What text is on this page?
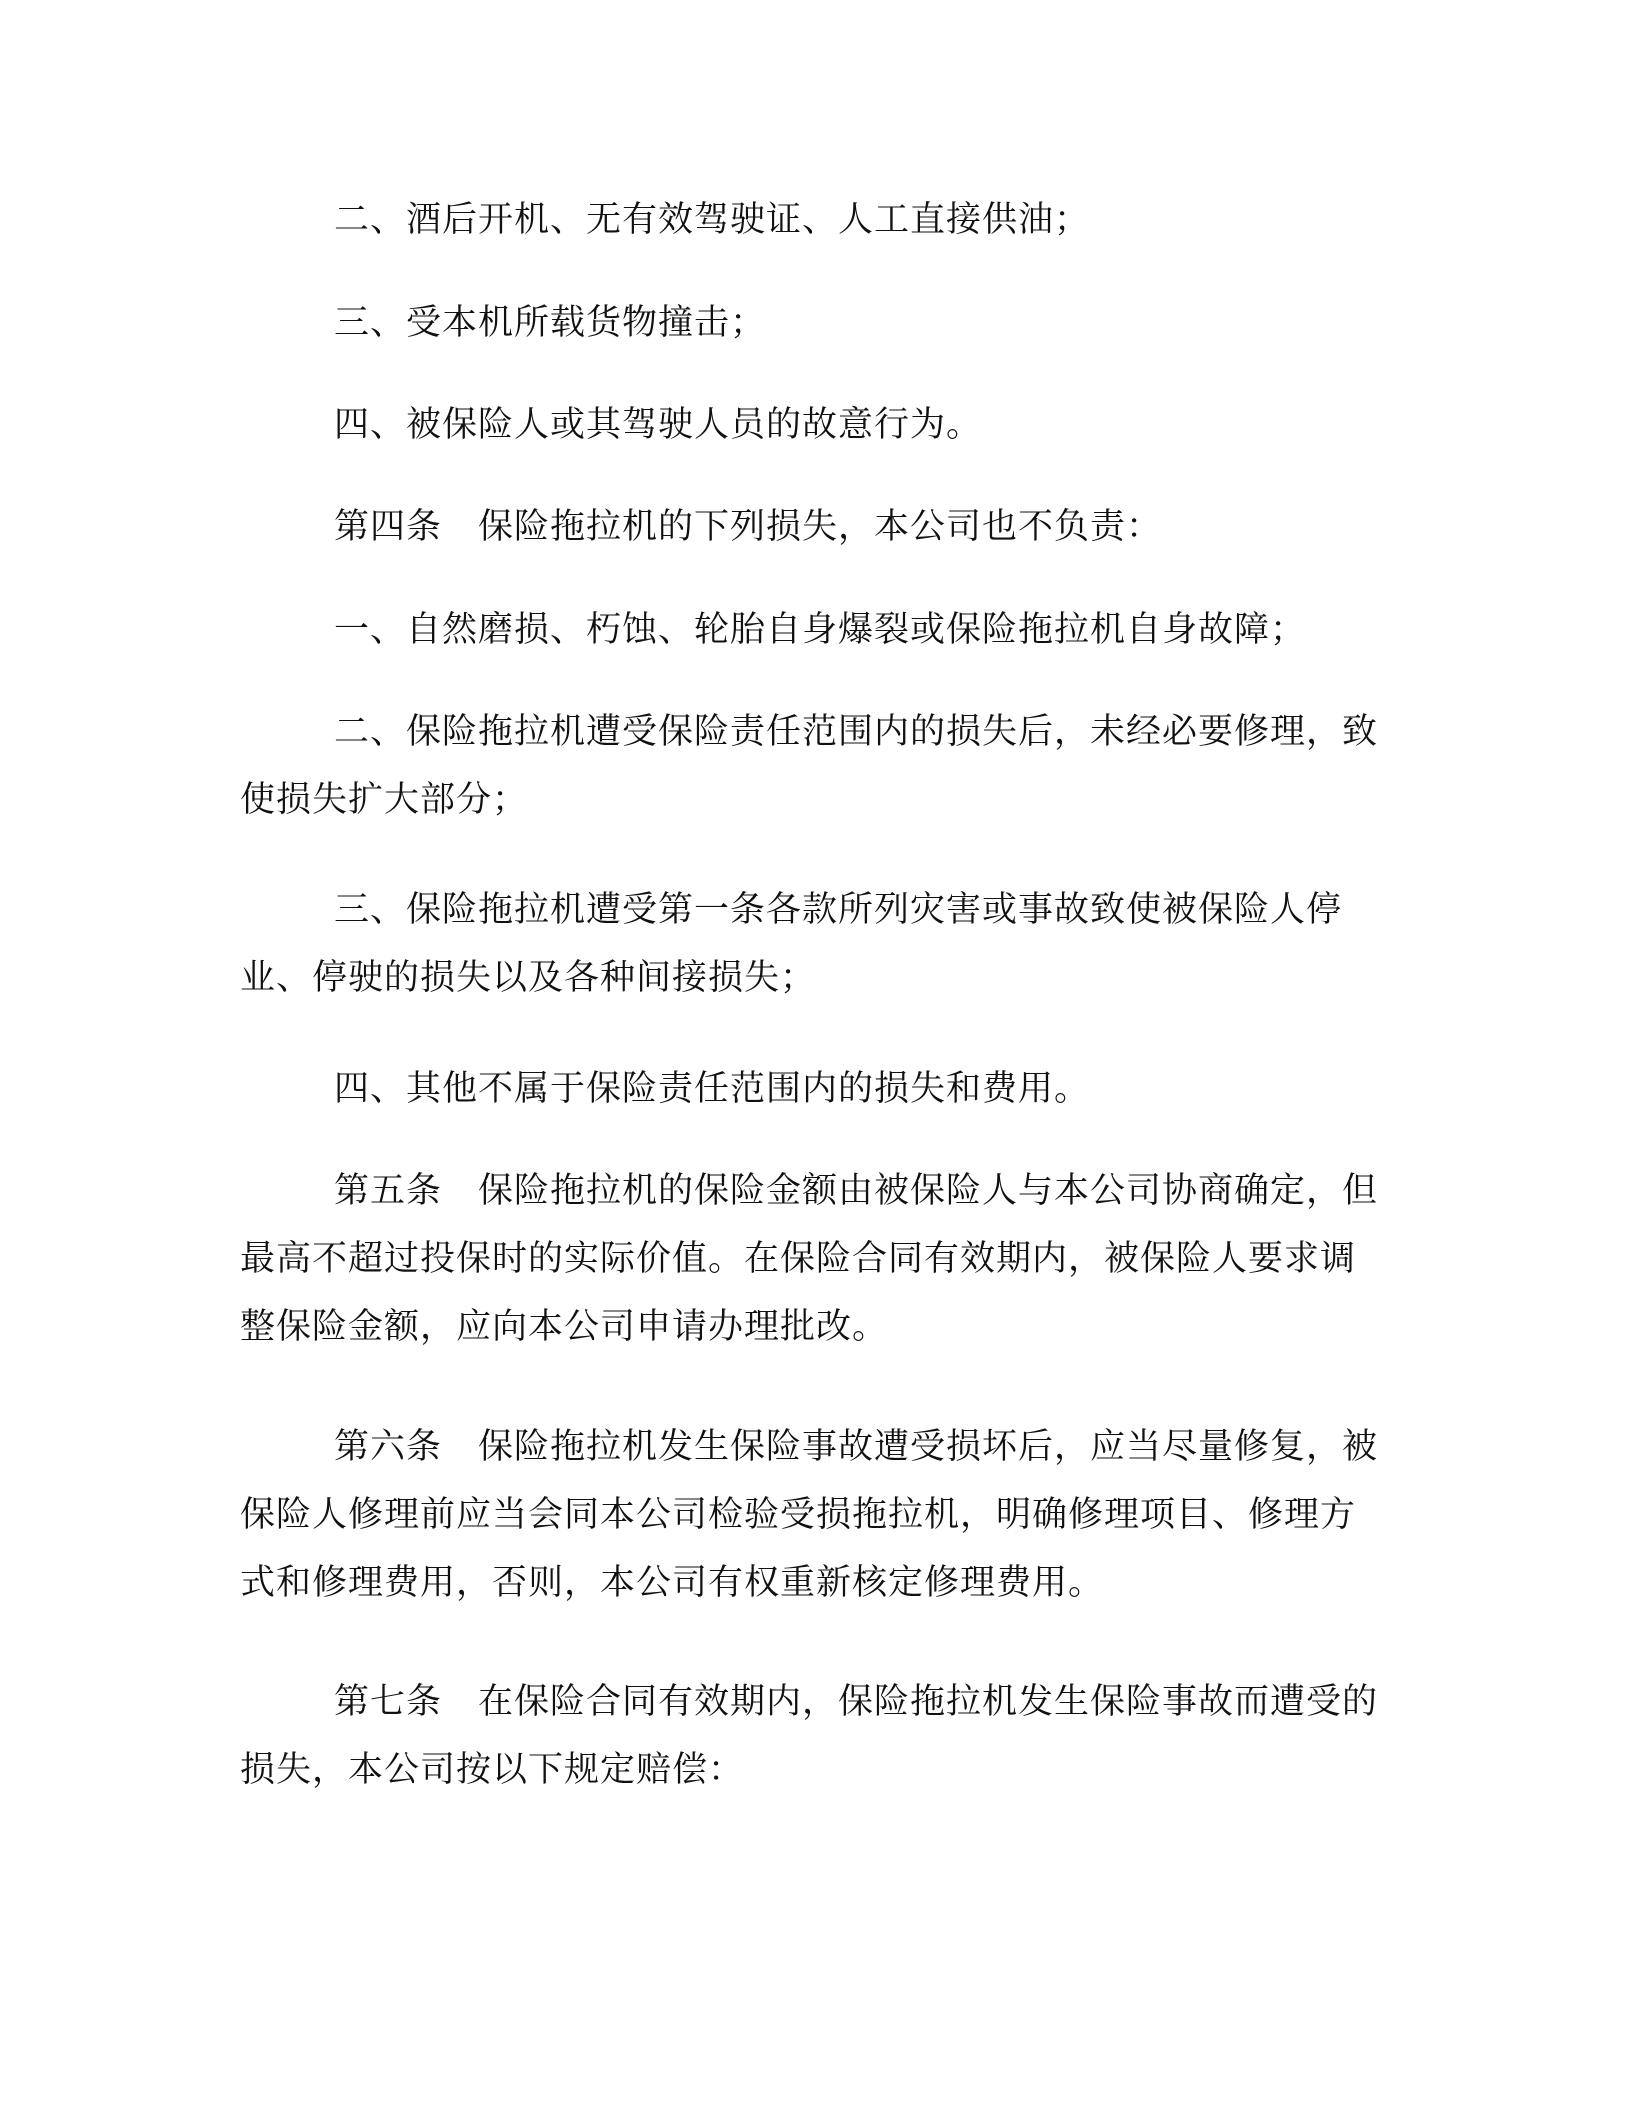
二、酒后开机、无有效驾驶证、人工直接供油；

三、受本机所载货物撞击；

四、被保险人或其驾驶人员的故意行为。

第四条　保险拖拉机的下列损失，本公司也不负责：

一、自然磨损、朽蚀、轮胎自身爆裂或保险拖拉机自身故障；

二、保险拖拉机遭受保险责任范围内的损失后，未经必要修理，致使损失扩大部分；

三、保险拖拉机遭受第一条各款所列灾害或事故致使被保险人停业、停驶的损失以及各种间接损失；

四、其他不属于保险责任范围内的损失和费用。

第五条　保险拖拉机的保险金额由被保险人与本公司协商确定，但最高不超过投保时的实际价值。在保险合同有效期内，被保险人要求调整保险金额，应向本公司申请办理批改。

第六条　保险拖拉机发生保险事故遭受损坏后，应当尽量修复，被保险人修理前应当会同本公司检验受损拖拉机，明确修理项目、修理方式和修理费用，否则，本公司有权重新核定修理费用。

第七条　在保险合同有效期内，保险拖拉机发生保险事故而遭受的损失，本公司按以下规定赔偿：
